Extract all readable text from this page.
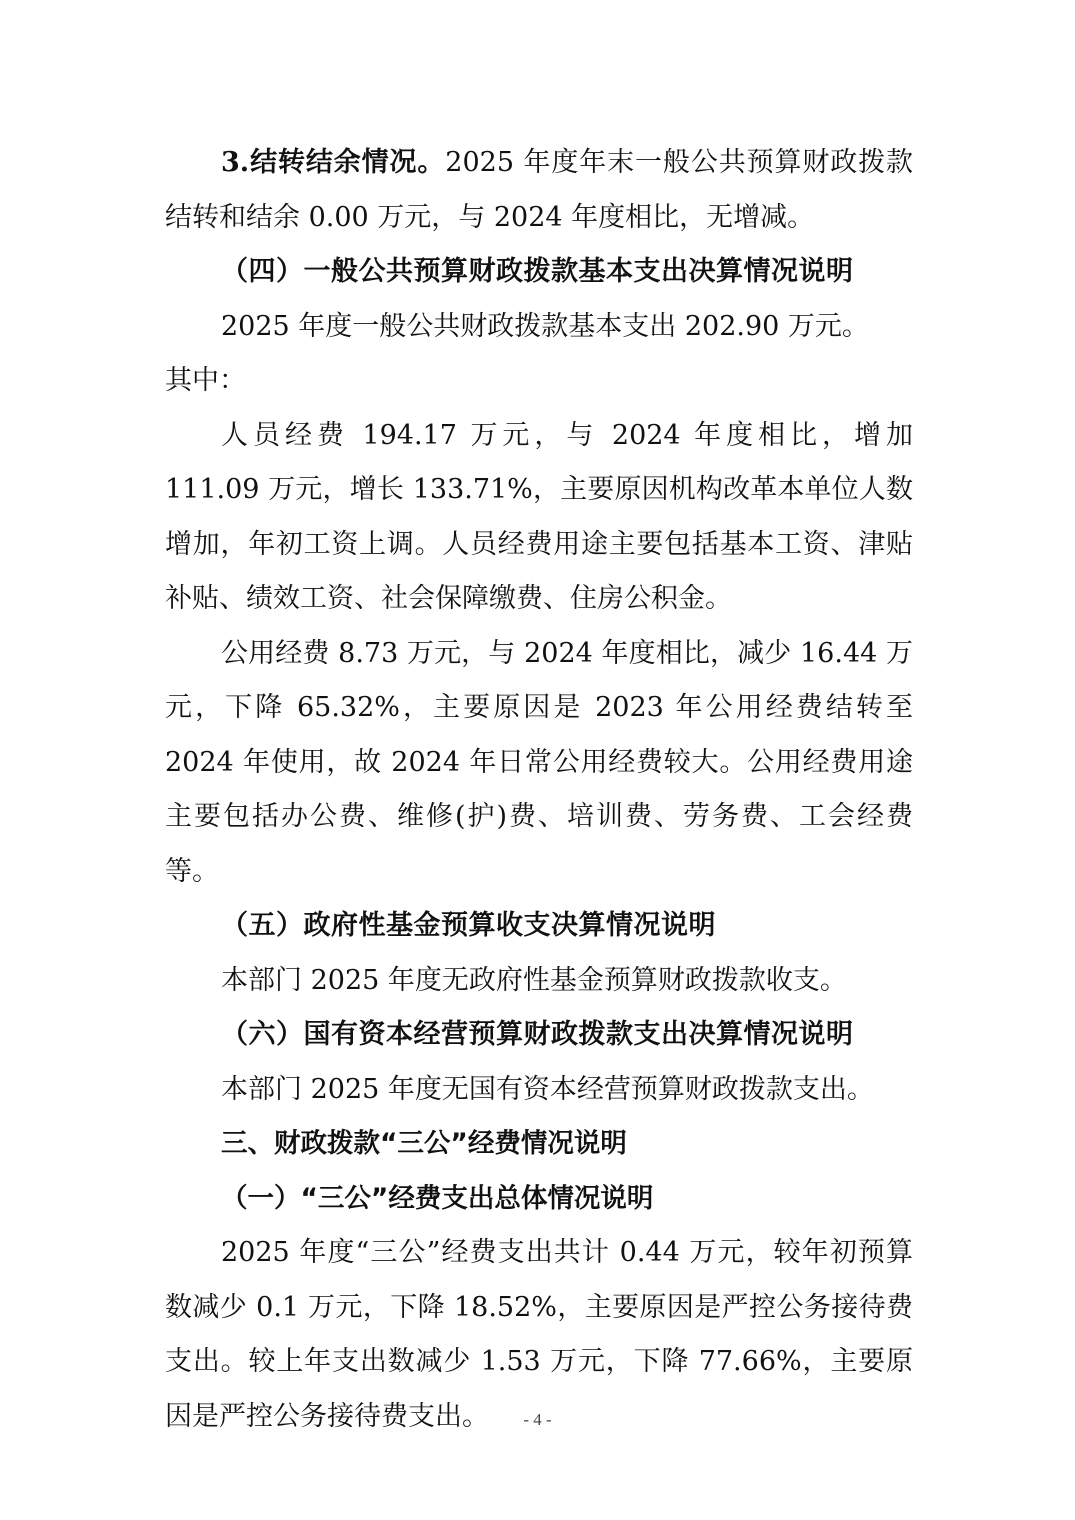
3.结转结余情况。2025 年度年末一般公共预算财政拨款结转和结余 0.00 万元，与 2024 年度相比，无增减。

（四）一般公共预算财政拨款基本支出决算情况说明

2025 年度一般公共财政拨款基本支出 202.90 万元。

其中：

人员经费 194.17 万元，与 2024 年度相比，增加 111.09 万元，增长 133.71%，主要原因机构改革本单位人数增加，年初工资上调。人员经费用途主要包括基本工资、津贴补贴、绩效工资、社会保障缴费、住房公积金。

公用经费 8.73 万元，与 2024 年度相比，减少 16.44 万元，下降 65.32%，主要原因是 2023 年公用经费结转至 2024 年使用，故 2024 年日常公用经费较大。公用经费用途主要包括办公费、维修(护)费、培训费、劳务费、工会经费等。

（五）政府性基金预算收支决算情况说明

本部门 2025 年度无政府性基金预算财政拨款收支。

（六）国有资本经营预算财政拨款支出决算情况说明

本部门 2025 年度无国有资本经营预算财政拨款支出。

三、财政拨款“三公”经费情况说明

（一）“三公”经费支出总体情况说明

2025 年度“三公”经费支出共计 0.44 万元，较年初预算数减少 0.1 万元，下降 18.52%，主要原因是严控公务接待费支出。较上年支出数减少 1.53 万元，下降 77.66%，主要原因是严控公务接待费支出。	- 4 -
